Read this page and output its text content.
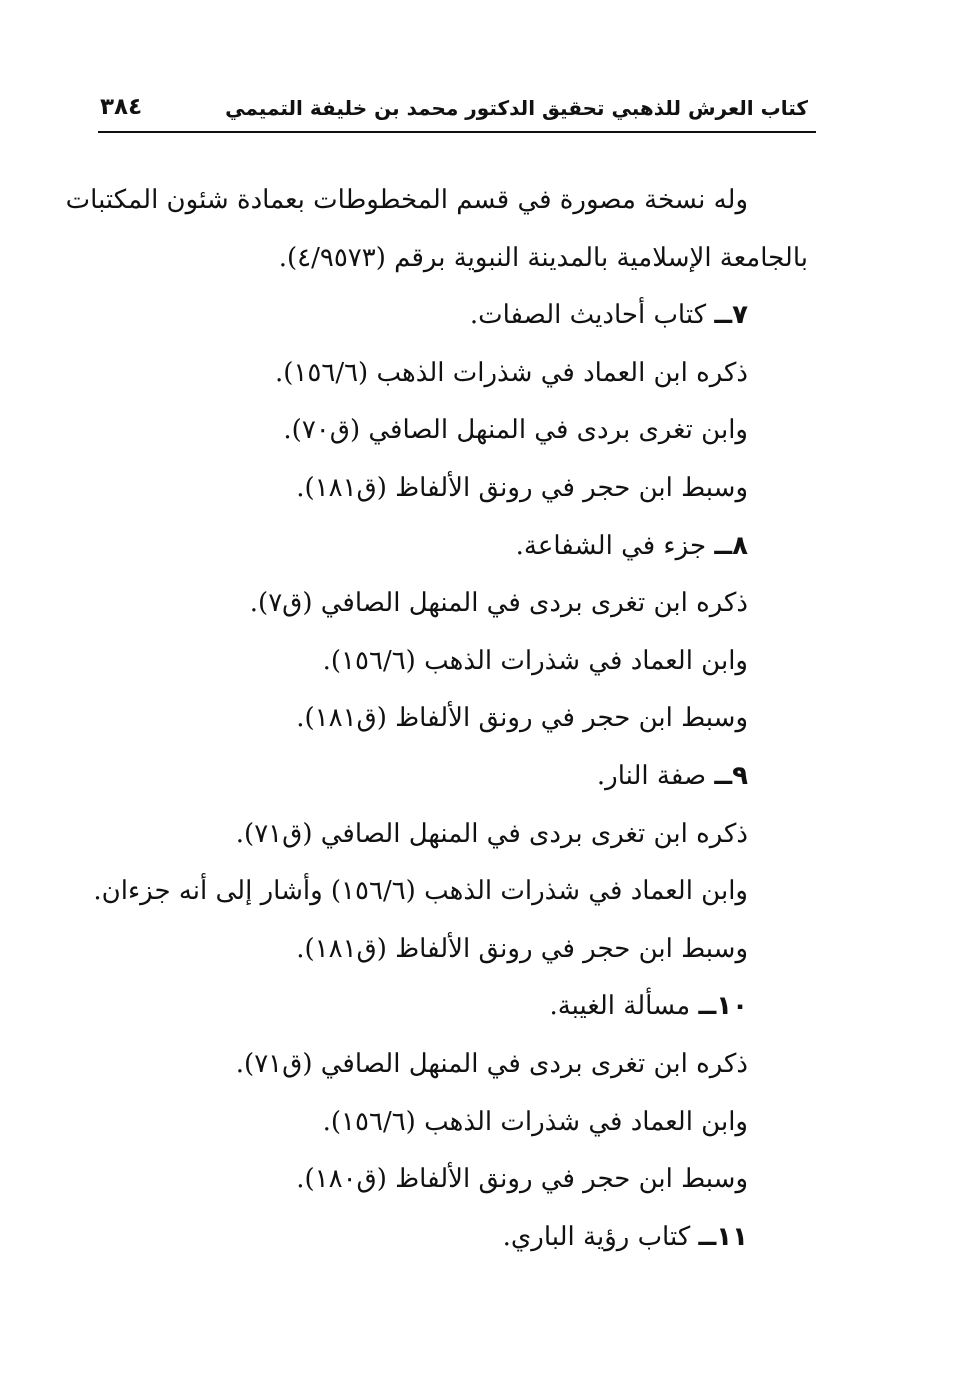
كتاب العرش للذهبي تحقيق الدكتور محمد بن خليفة التميمي
٣٨٤
وله نسخة مصورة في قسم المخطوطات بعمادة شئون المكتبات
بالجامعة الإسلامية بالمدينة النبوية برقم (٤/٩٥٧٣).
٧ــ كتاب أحاديث الصفات.
ذكره ابن العماد في شذرات الذهب (١٥٦/٦).
وابن تغرى بردى في المنهل الصافي (ق٧٠).
وسبط ابن حجر في رونق الألفاظ (ق١٨١).
٨ــ جزء في الشفاعة.
ذكره ابن تغرى بردى في المنهل الصافي (ق٧).
وابن العماد في شذرات الذهب (١٥٦/٦).
وسبط ابن حجر في رونق الألفاظ (ق١٨١).
٩ــ صفة النار.
ذكره ابن تغرى بردى في المنهل الصافي (ق٧١).
وابن العماد في شذرات الذهب (١٥٦/٦) وأشار إلى أنه جزءان.
وسبط ابن حجر في رونق الألفاظ (ق١٨١).
١٠ــ مسألة الغيبة.
ذكره ابن تغرى بردى في المنهل الصافي (ق٧١).
وابن العماد في شذرات الذهب (١٥٦/٦).
وسبط ابن حجر في رونق الألفاظ (ق١٨٠).
١١ــ كتاب رؤية الباري.
